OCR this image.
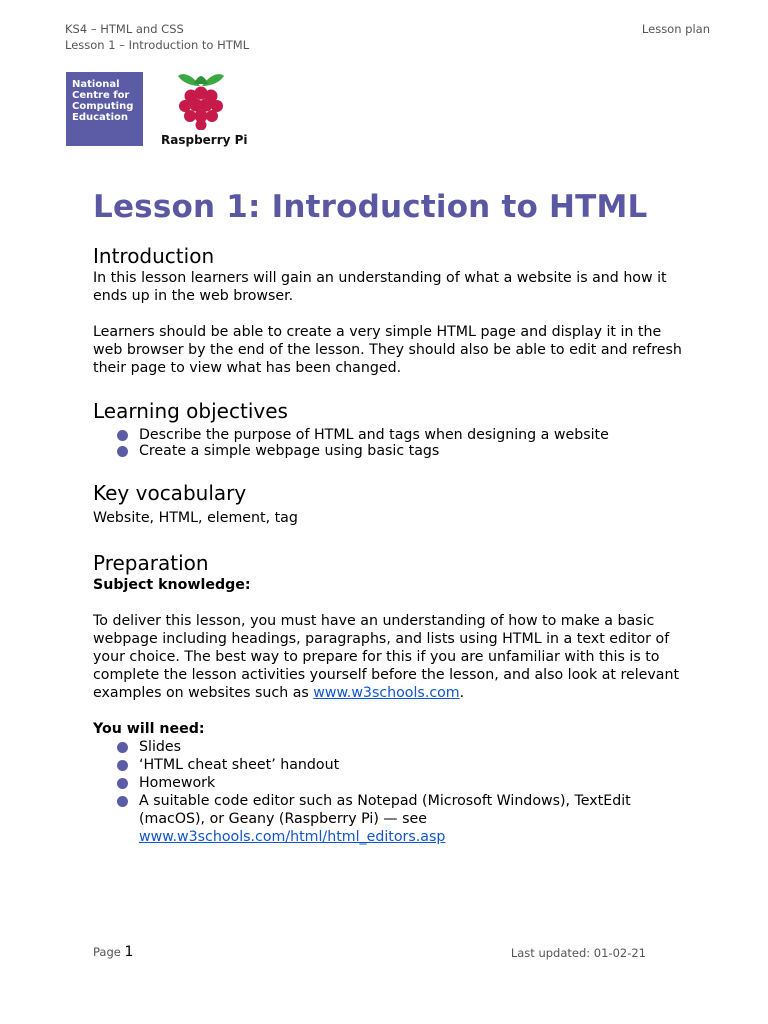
KS4 – HTML and CSS
Lesson 1 – Introduction to HTML
Lesson plan
National
Centre for
Computing
Education
Raspberry Pi
Lesson 1: Introduction to HTML
Introduction

In this lesson learners will gain an understanding of what a website is and how it ends up in the web browser.

Learners should be able to create a very simple HTML page and display it in the web browser by the end of the lesson. They should also be able to edit and refresh their page to view what has been changed.

Learning objectives
Describe the purpose of HTML and tags when designing a website
Create a simple webpage using basic tags
Key vocabulary

Website, HTML, element, tag

Preparation

Subject knowledge:

To deliver this lesson, you must have an understanding of how to make a basic webpage including headings, paragraphs, and lists using HTML in a text editor of your choice. The best way to prepare for this if you are unfamiliar with this is to complete the lesson activities yourself before the lesson, and also look at relevant examples on websites such as www.w3schools.com.

You will need:

Slides
‘HTML cheat sheet’ handout
Homework
A suitable code editor such as Notepad (Microsoft Windows), TextEdit (macOS), or Geany (Raspberry Pi) — see
www.w3schools.com/html/html_editors.asp
Page 1	Last updated: 01-02-21
